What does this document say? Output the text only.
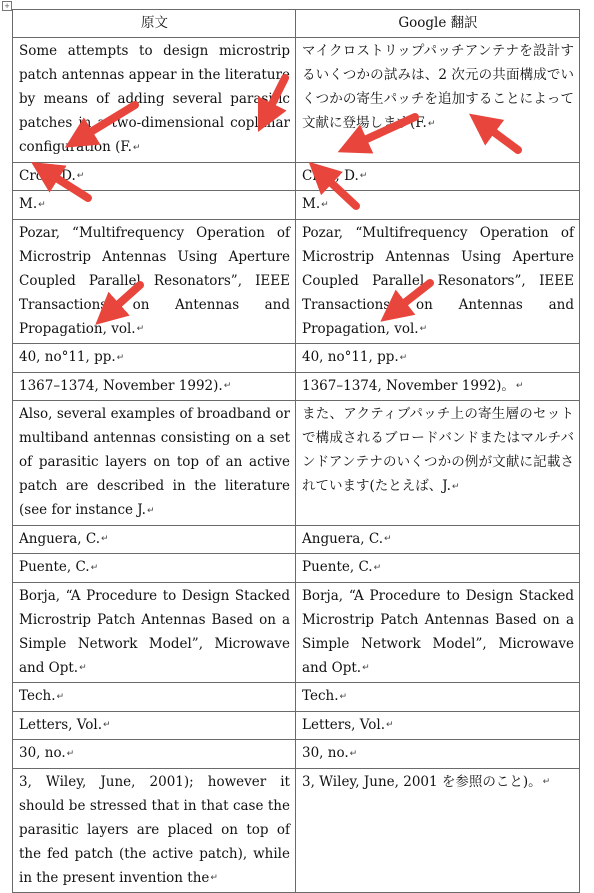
+
原文	Google 翻訳
Some attempts to design microstrip patch antennas appear in the literature by means of adding several parasitic patches in a two-dimensional coplanar configuration (F.↵	マイクロストリップパッチアンテナを設計するいくつかの試みは、2 次元の共面構成でいくつかの寄生パッチを追加することによって文献に登場します(F.↵
Croq, D.↵	Croq, D.↵
M.↵	M.↵
Pozar, “Multifrequency Operation of Microstrip Antennas Using Aperture Coupled Parallel Resonators”, IEEE Transactions on Antennas and Propagation, vol.↵	Pozar, “Multifrequency Operation of Microstrip Antennas Using Aperture Coupled Parallel Resonators”, IEEE Transactions on Antennas and Propagation, vol.↵
40, no°11, pp.↵	40, no°11, pp.↵
1367–1374, November 1992).↵	1367–1374, November 1992)。↵
Also, several examples of broadband or multiband antennas consisting on a set of parasitic layers on top of an active patch are described in the literature (see for instance J.↵	また、アクティブパッチ上の寄生層のセットで構成されるブロードバンドまたはマルチバンドアンテナのいくつかの例が文献に記載されています(たとえば、J.↵
Anguera, C.↵	Anguera, C.↵
Puente, C.↵	Puente, C.↵
Borja, “A Procedure to Design Stacked Microstrip Patch Antennas Based on a Simple Network Model”, Microwave and Opt.↵	Borja, “A Procedure to Design Stacked Microstrip Patch Antennas Based on a Simple Network Model”, Microwave and Opt.↵
Tech.↵	Tech.↵
Letters, Vol.↵	Letters, Vol.↵
30, no.↵	30, no.↵
3, Wiley, June, 2001); however it should be stressed that in that case the parasitic layers are placed on top of the fed patch (the active patch), while in the present invention the↵	3, Wiley, June, 2001 を参照のこと)。↵
